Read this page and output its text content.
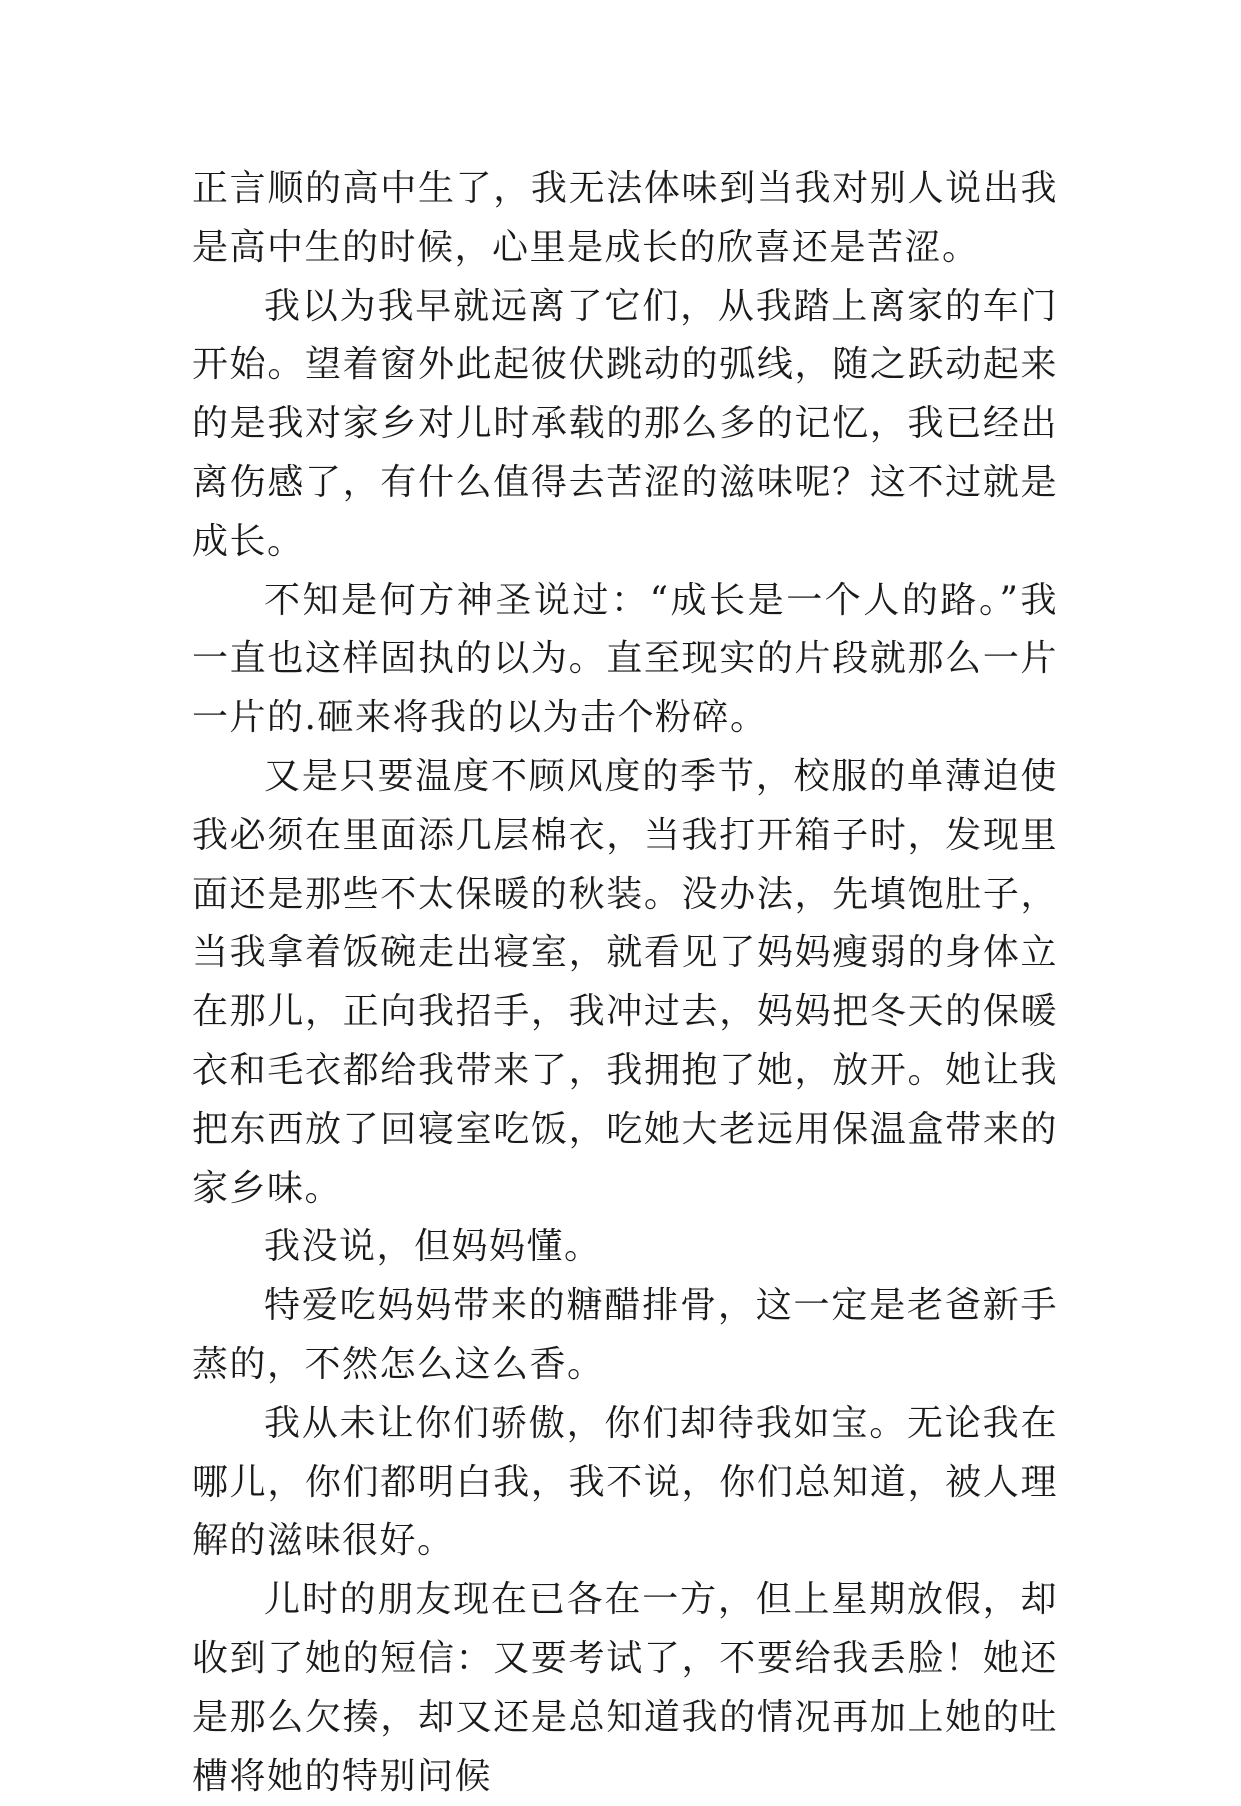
正言顺的高中生了，我无法体味到当我对别人说出我是高中生的时候，心里是成长的欣喜还是苦涩。

我以为我早就远离了它们，从我踏上离家的车门开始。望着窗外此起彼伏跳动的弧线，随之跃动起来的是我对家乡对儿时承载的那么多的记忆，我已经出离伤感了，有什么值得去苦涩的滋味呢？这不过就是成长。

不知是何方神圣说过：“成长是一个人的路。”我一直也这样固执的以为。直至现实的片段就那么一片一片的.砸来将我的以为击个粉碎。

又是只要温度不顾风度的季节，校服的单薄迫使我必须在里面添几层棉衣，当我打开箱子时，发现里面还是那些不太保暖的秋装。没办法，先填饱肚子，当我拿着饭碗走出寝室，就看见了妈妈瘦弱的身体立在那儿，正向我招手，我冲过去，妈妈把冬天的保暖衣和毛衣都给我带来了，我拥抱了她，放开。她让我把东西放了回寝室吃饭，吃她大老远用保温盒带来的家乡味。

我没说，但妈妈懂。

特爱吃妈妈带来的糖醋排骨，这一定是老爸新手蒸的，不然怎么这么香。

我从未让你们骄傲，你们却待我如宝。无论我在哪儿，你们都明白我，我不说，你们总知道，被人理解的滋味很好。

儿时的朋友现在已各在一方，但上星期放假，却收到了她的短信：又要考试了，不要给我丢脸！她还是那么欠揍，却又还是总知道我的情况再加上她的吐槽将她的特别问候
